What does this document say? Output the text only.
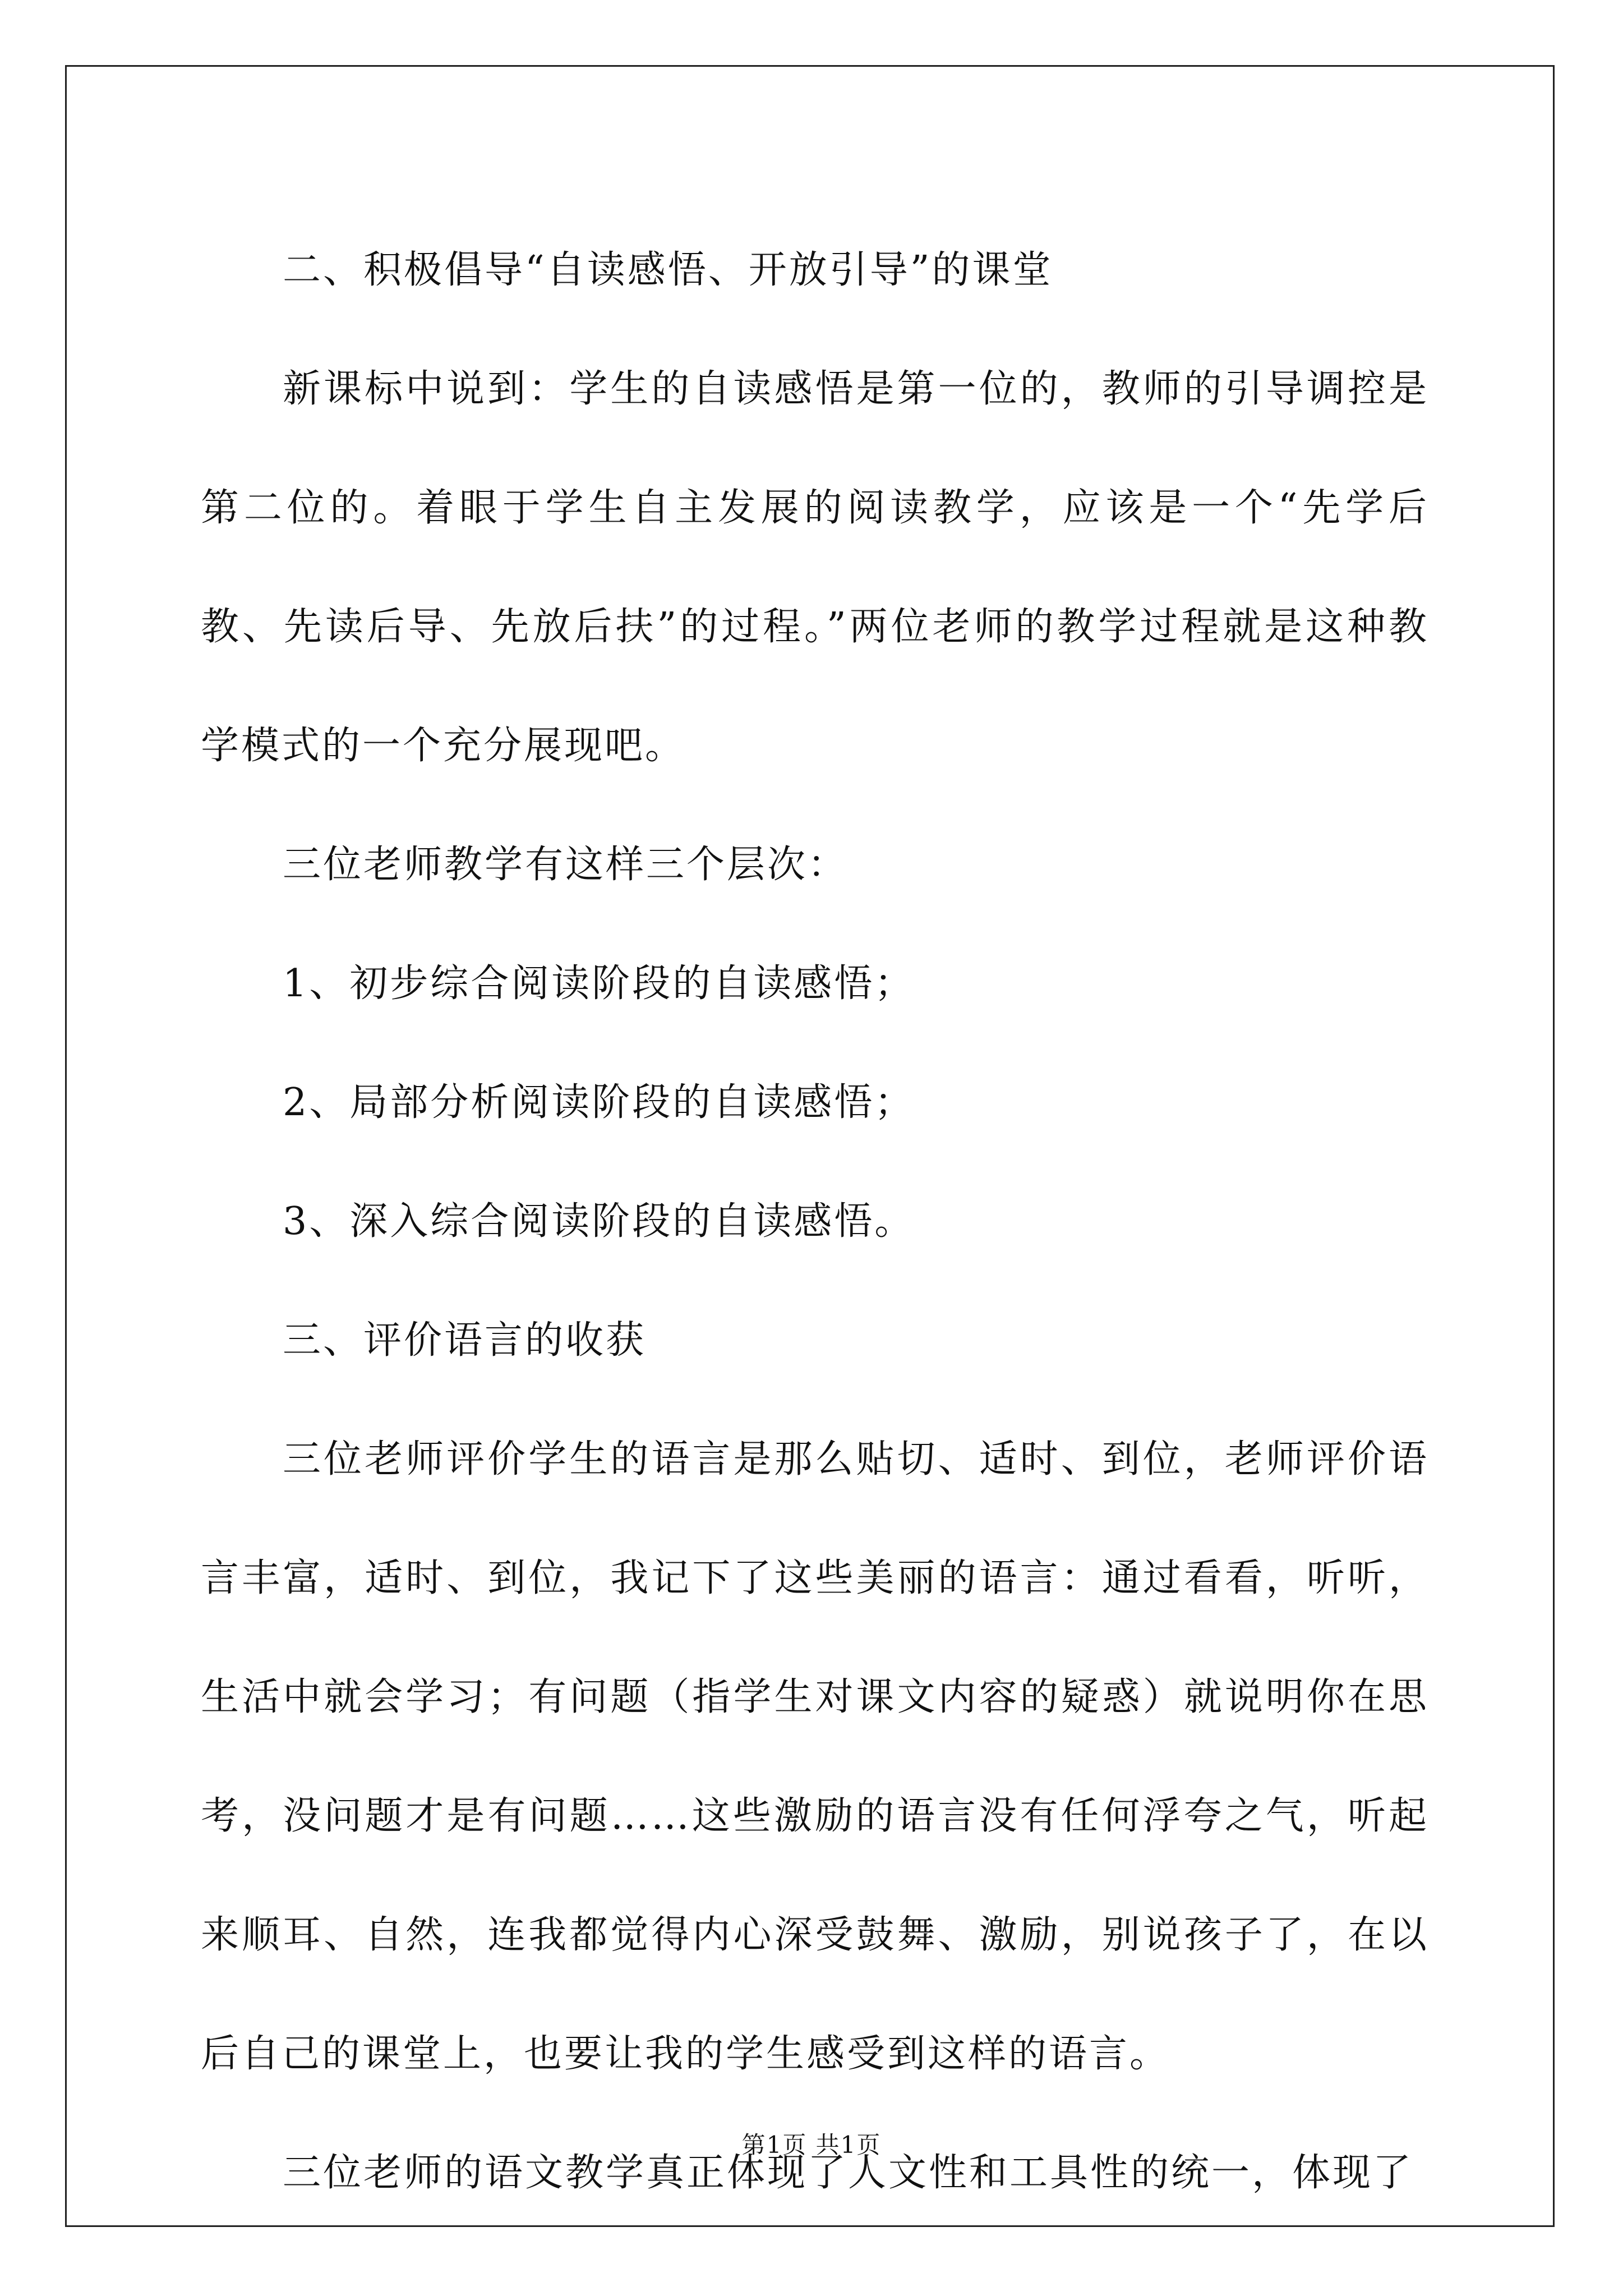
二、积极倡导“自读感悟、开放引导”的课堂

新课标中说到：学生的自读感悟是第一位的，教师的引导调控是第二位的。着眼于学生自主发展的阅读教学，应该是一个“先学后教、先读后导、先放后扶”的过程。”两位老师的教学过程就是这种教学模式的一个充分展现吧。

三位老师教学有这样三个层次：

1、初步综合阅读阶段的自读感悟；

2、局部分析阅读阶段的自读感悟；

3、深入综合阅读阶段的自读感悟。

三、评价语言的收获

三位老师评价学生的语言是那么贴切、适时、到位，老师评价语言丰富，适时、到位，我记下了这些美丽的语言：通过看看，听听，生活中就会学习；有问题（指学生对课文内容的疑惑）就说明你在思考，没问题才是有问题……这些激励的语言没有任何浮夸之气，听起来顺耳、自然，连我都觉得内心深受鼓舞、激励，别说孩子了，在以后自己的课堂上，也要让我的学生感受到这样的语言。

三位老师的语文教学真正体现了人文性和工具性的统一，体现了

第1页 共1页
